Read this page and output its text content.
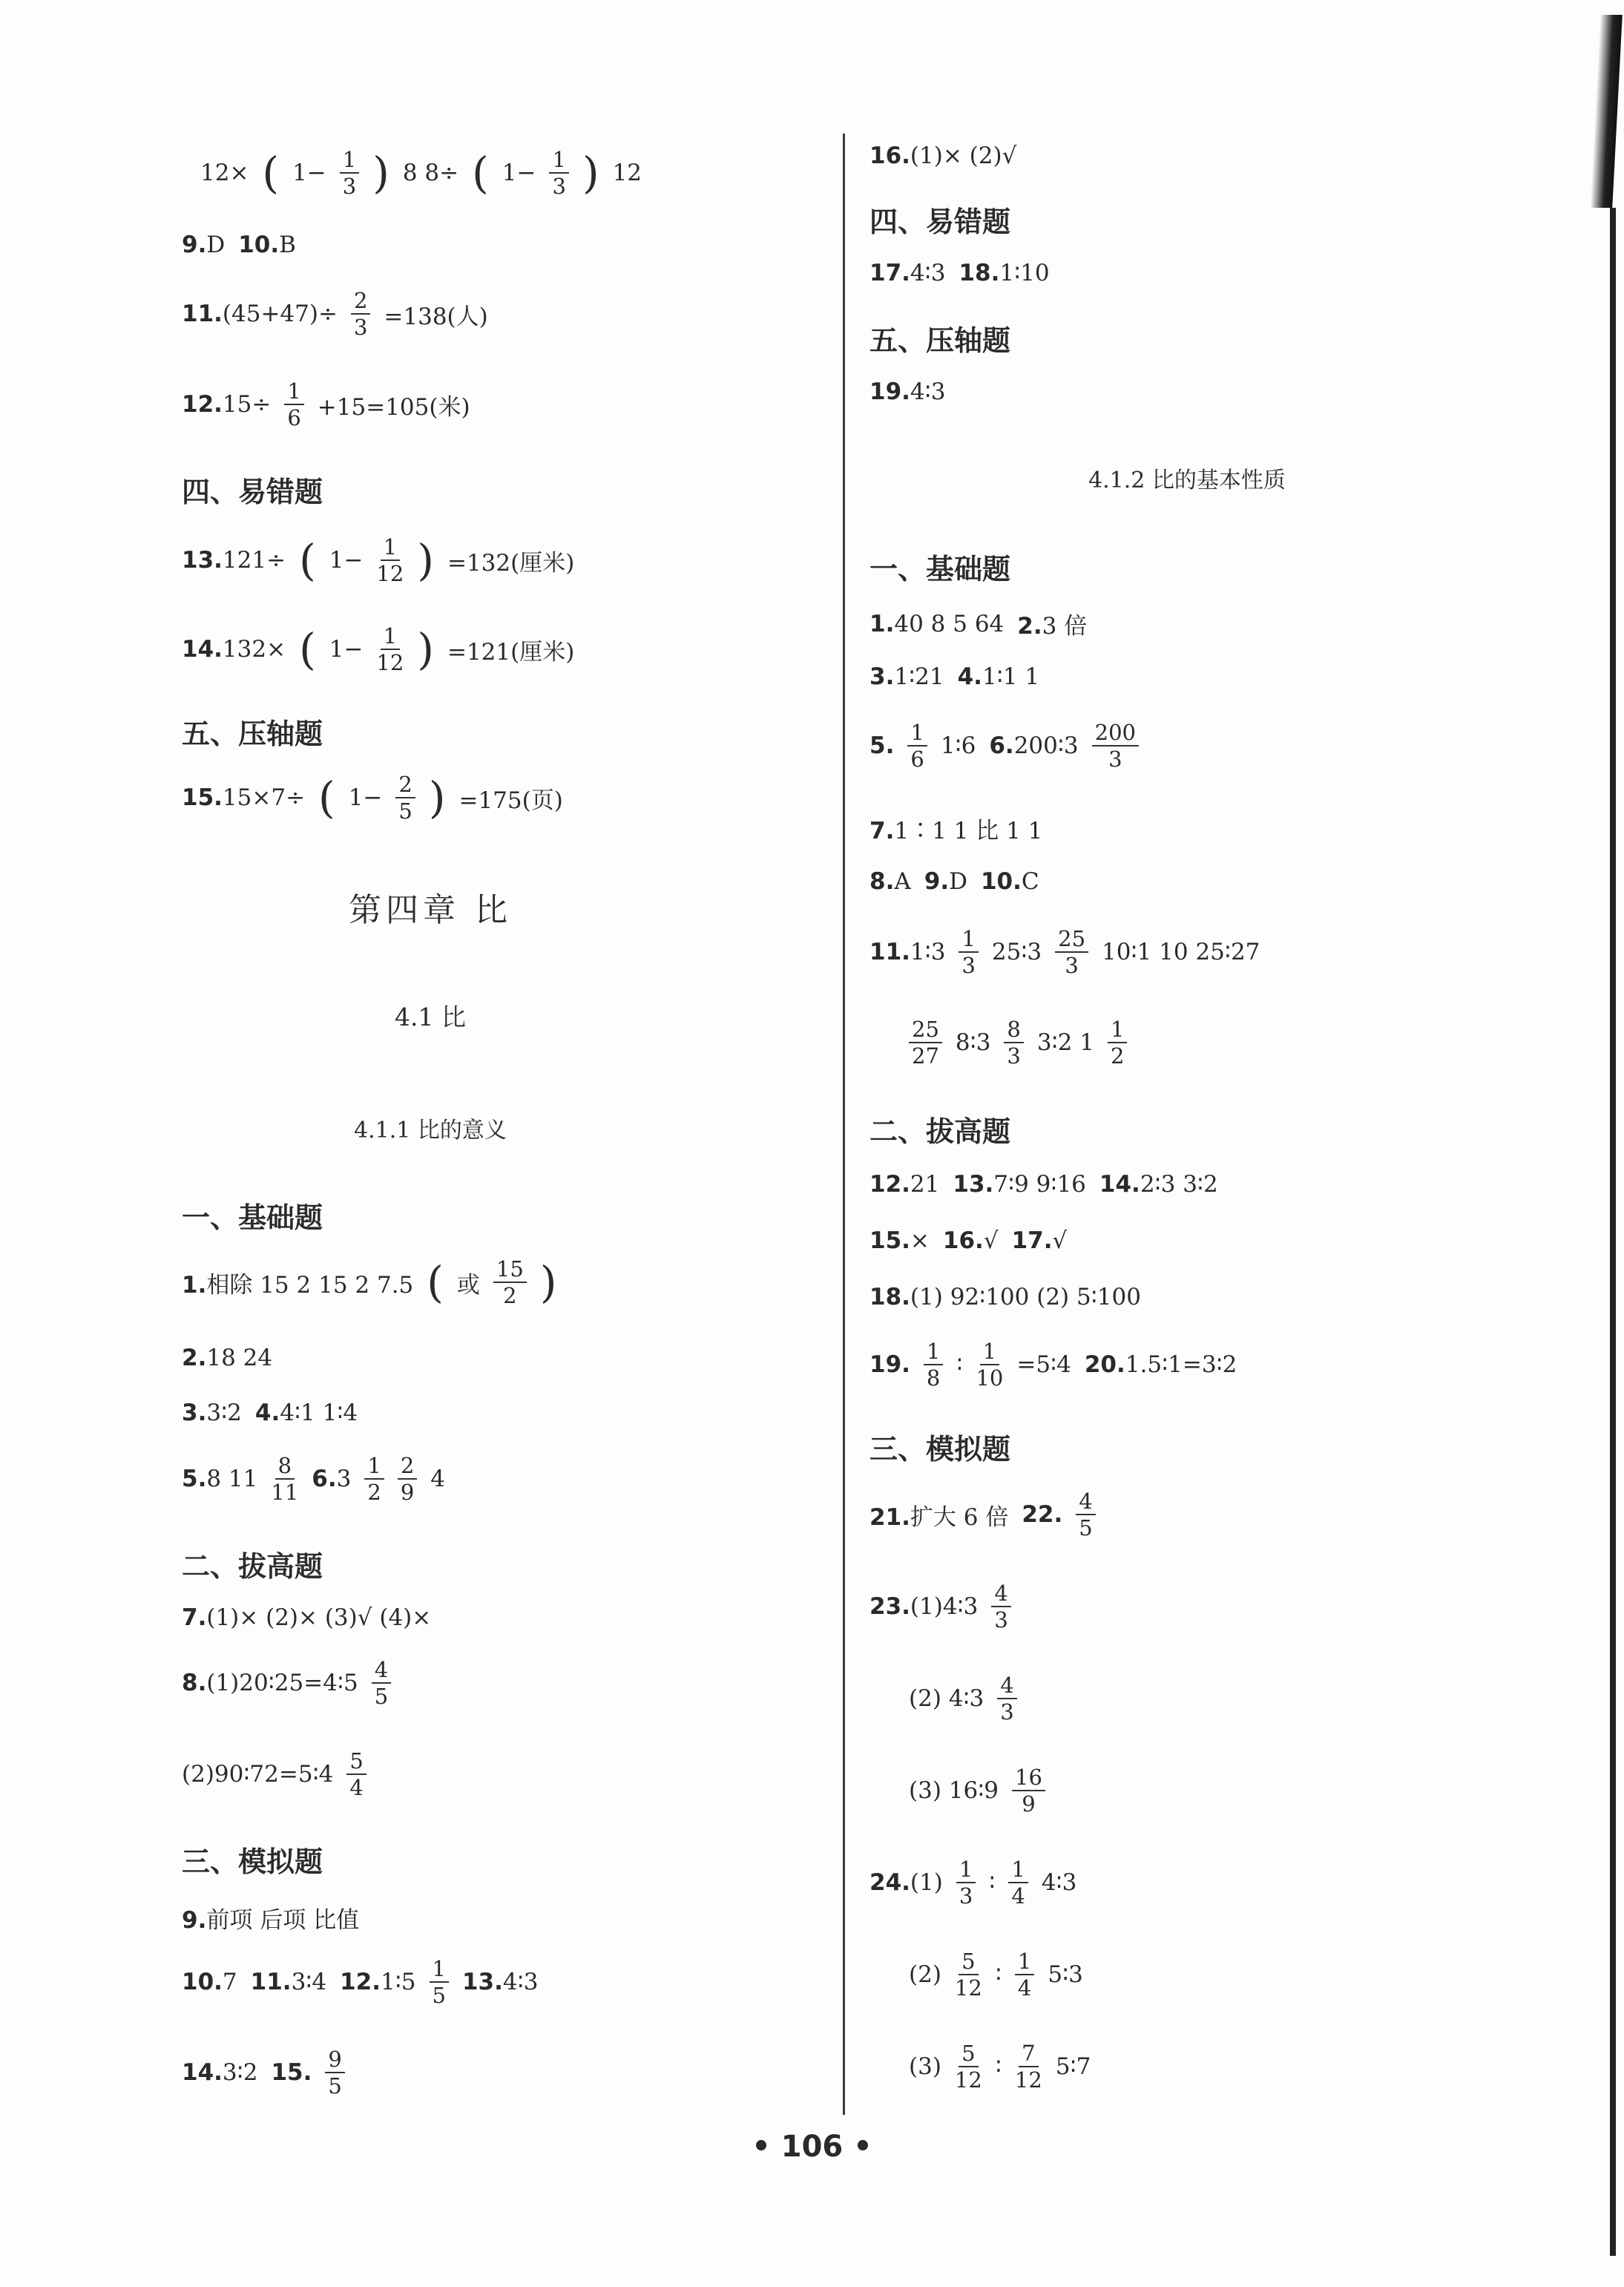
12× ( $1- \frac{1}{3}$ ) 8 8÷ ( $1- \frac{1}{3}$ ) 12
9.D 10.B
$11.(45+47)\div \frac{2}{3} =138$(人)
$12.15\div \frac{1}{6} +15=105$(米)
四、易错题
13.121÷ ( $1- \frac{1}{12}$ ) =132(厘米)
14.132× ( $1- \frac{1}{12}$ ) =121(厘米)
五、压轴题
15.15×7÷ ( $1- \frac{2}{5}$ ) =175(页)
第四章 比
4.1 比
4.1.1 比的意义
一、基础题
1.相除 15 2 15 2 7.5 ( 或 $\frac{15}{2}$ )
2.18 24
3.3∶2 4.4∶1 1∶4
5.8 $11 \frac{8}{11} 6.3 \frac{1}{2} \frac{2}{9} 4$
二、拔高题
7.(1)× (2)× (3)√ (4)×
8.(1)20∶25=4∶5 $\frac{4}{5}$
(2)90∶72=5∶4 $\frac{5}{4}$
三、模拟题
9.前项 后项 比值
10.7 11.3∶4 12.1∶5 $\frac{1}{5}$ 13.4∶3
14.3∶2 15. $\frac{9}{5}$
16.(1)× (2)√
四、易错题
17.4∶3 18.1∶10
五、压轴题
19.4∶3
4.1.2 比的基本性质
一、基础题
1.40 8 5 64 2.3 倍
3.1∶21 4.1∶1 1
5. $\frac{1}{6}$ 1∶6 6.200∶3 $\frac{200}{3}$
7.1∶1 1 比 1 1
8.A 9.D 10.C
11.1∶3 $\frac{1}{3}$ 25∶3 $\frac{25}{3}$ 10∶1 10 25∶27
$\frac{25}{27}$ 8∶3 $\frac{8}{3}$ 3∶2 $1 \frac{1}{2}$
二、拔高题
12.21 13.7∶9 9∶16 14.2∶3 3∶2
15.× 16.√ 17.√
18.(1) 92∶100 (2) 5∶100
19. $\frac{1}{8}$ ∶ $\frac{1}{10}$ =5∶4 20.1.5∶1=3∶2
三、模拟题
21.扩大 6 倍 22. $\frac{4}{5}$
23.(1)4∶3 $\frac{4}{3}$
(2) 4∶3 $\frac{4}{3}$
(3) 16∶9 $\frac{16}{9}$
$24.(1) \frac{1}{3}$ ∶ $\frac{1}{4}$ 4∶3
$(2) \frac{5}{12}$ ∶ $\frac{1}{4}$ 5∶3
$(3) \frac{5}{12}$ ∶ $\frac{7}{12}$ 5∶7
• 106 •
